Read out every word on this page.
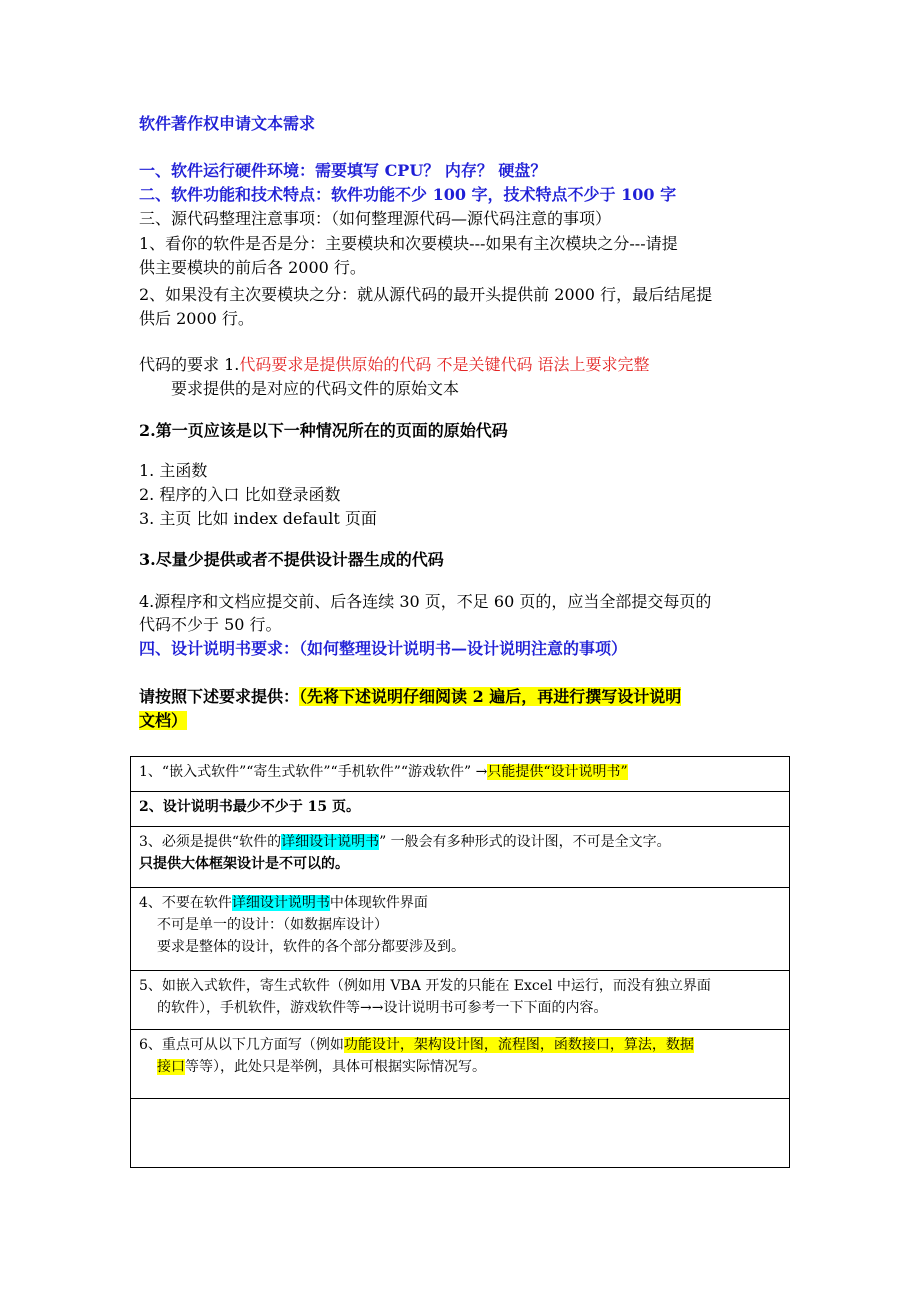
软件著作权申请文本需求
一、软件运行硬件环境：需要填写 CPU？ 内存？ 硬盘？
二、软件功能和技术特点：软件功能不少 100 字，技术特点不少于 100 字
三、源代码整理注意事项：（如何整理源代码—源代码注意的事项）
1、看你的软件是否是分：主要模块和次要模块---如果有主次模块之分---请提
供主要模块的前后各 2000 行。
2、如果没有主次要模块之分：就从源代码的最开头提供前 2000 行，最后结尾提
供后 2000 行。
代码的要求 1.代码要求是提供原始的代码 不是关键代码 语法上要求完整
要求提供的是对应的代码文件的原始文本
2.第一页应该是以下一种情况所在的页面的原始代码
1. 主函数
2. 程序的入口 比如登录函数
3. 主页 比如 index default 页面
3.尽量少提供或者不提供设计器生成的代码
4.源程序和文档应提交前、后各连续 30 页，不足 60 页的，应当全部提交每页的
代码不少于 50 行。
四、设计说明书要求：（如何整理设计说明书—设计说明注意的事项）
请按照下述要求提供：（先将下述说明仔细阅读 2 遍后，再进行撰写设计说明
文档）
1、“嵌入式软件”“寄生式软件”“手机软件”“游戏软件” →只能提供“设计说明书”

2、设计说明书最少不少于 15 页。

3、必须是提供“软件的详细设计说明书” 一般会有多种形式的设计图，不可是全文字。
只提供大体框架设计是不可以的。

4、不要在软件详细设计说明书中体现软件界面
不可是单一的设计：（如数据库设计）
要求是整体的设计，软件的各个部分都要涉及到。

5、如嵌入式软件，寄生式软件（例如用 VBA 开发的只能在 Excel 中运行，而没有独立界面
的软件），手机软件，游戏软件等→→设计说明书可参考一下下面的内容。

6、重点可从以下几方面写（例如功能设计，架构设计图，流程图，函数接口，算法，数据
接口等等），此处只是举例，具体可根据实际情况写。
